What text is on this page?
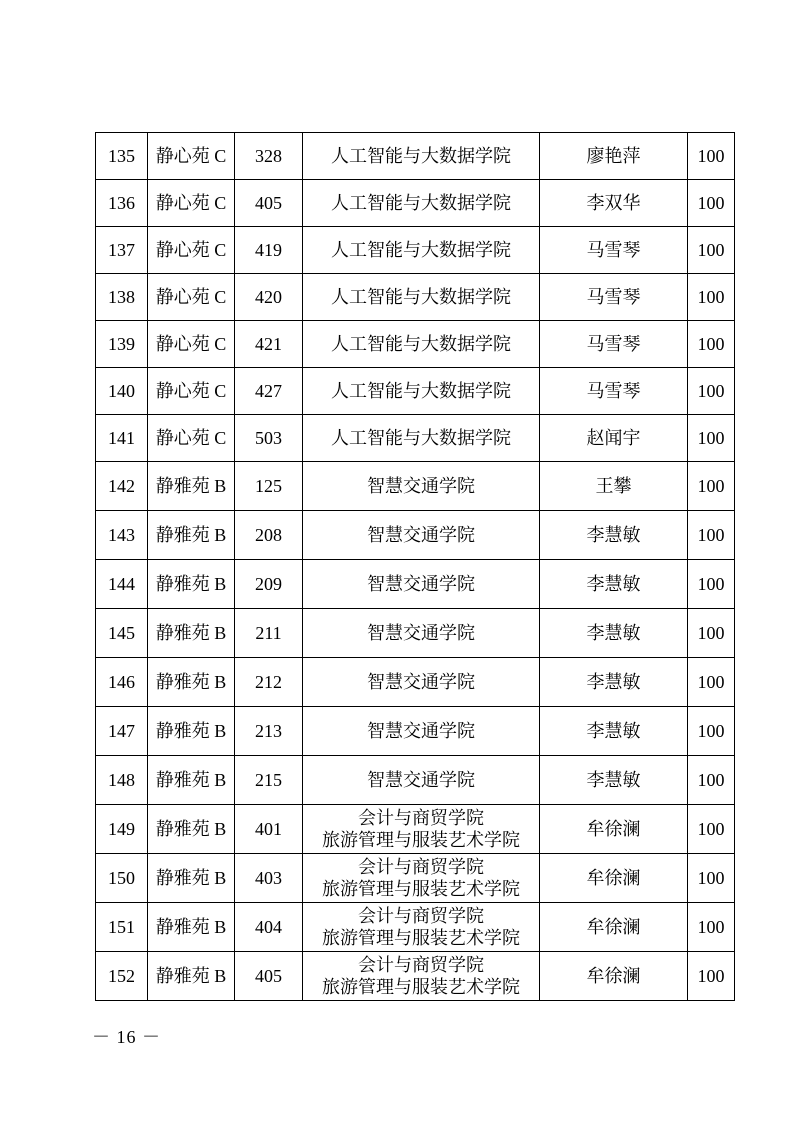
135	静心苑 C	328	人工智能与大数据学院	廖艳萍	100
136	静心苑 C	405	人工智能与大数据学院	李双华	100
137	静心苑 C	419	人工智能与大数据学院	马雪琴	100
138	静心苑 C	420	人工智能与大数据学院	马雪琴	100
139	静心苑 C	421	人工智能与大数据学院	马雪琴	100
140	静心苑 C	427	人工智能与大数据学院	马雪琴	100
141	静心苑 C	503	人工智能与大数据学院	赵闻宇	100
142	静雅苑 B	125	智慧交通学院	王攀	100
143	静雅苑 B	208	智慧交通学院	李慧敏	100
144	静雅苑 B	209	智慧交通学院	李慧敏	100
145	静雅苑 B	211	智慧交通学院	李慧敏	100
146	静雅苑 B	212	智慧交通学院	李慧敏	100
147	静雅苑 B	213	智慧交通学院	李慧敏	100
148	静雅苑 B	215	智慧交通学院	李慧敏	100
149	静雅苑 B	401	会计与商贸学院
旅游管理与服装艺术学院	牟徐澜	100
150	静雅苑 B	403	会计与商贸学院
旅游管理与服装艺术学院	牟徐澜	100
151	静雅苑 B	404	会计与商贸学院
旅游管理与服装艺术学院	牟徐澜	100
152	静雅苑 B	405	会计与商贸学院
旅游管理与服装艺术学院	牟徐澜	100
－ 16 －
